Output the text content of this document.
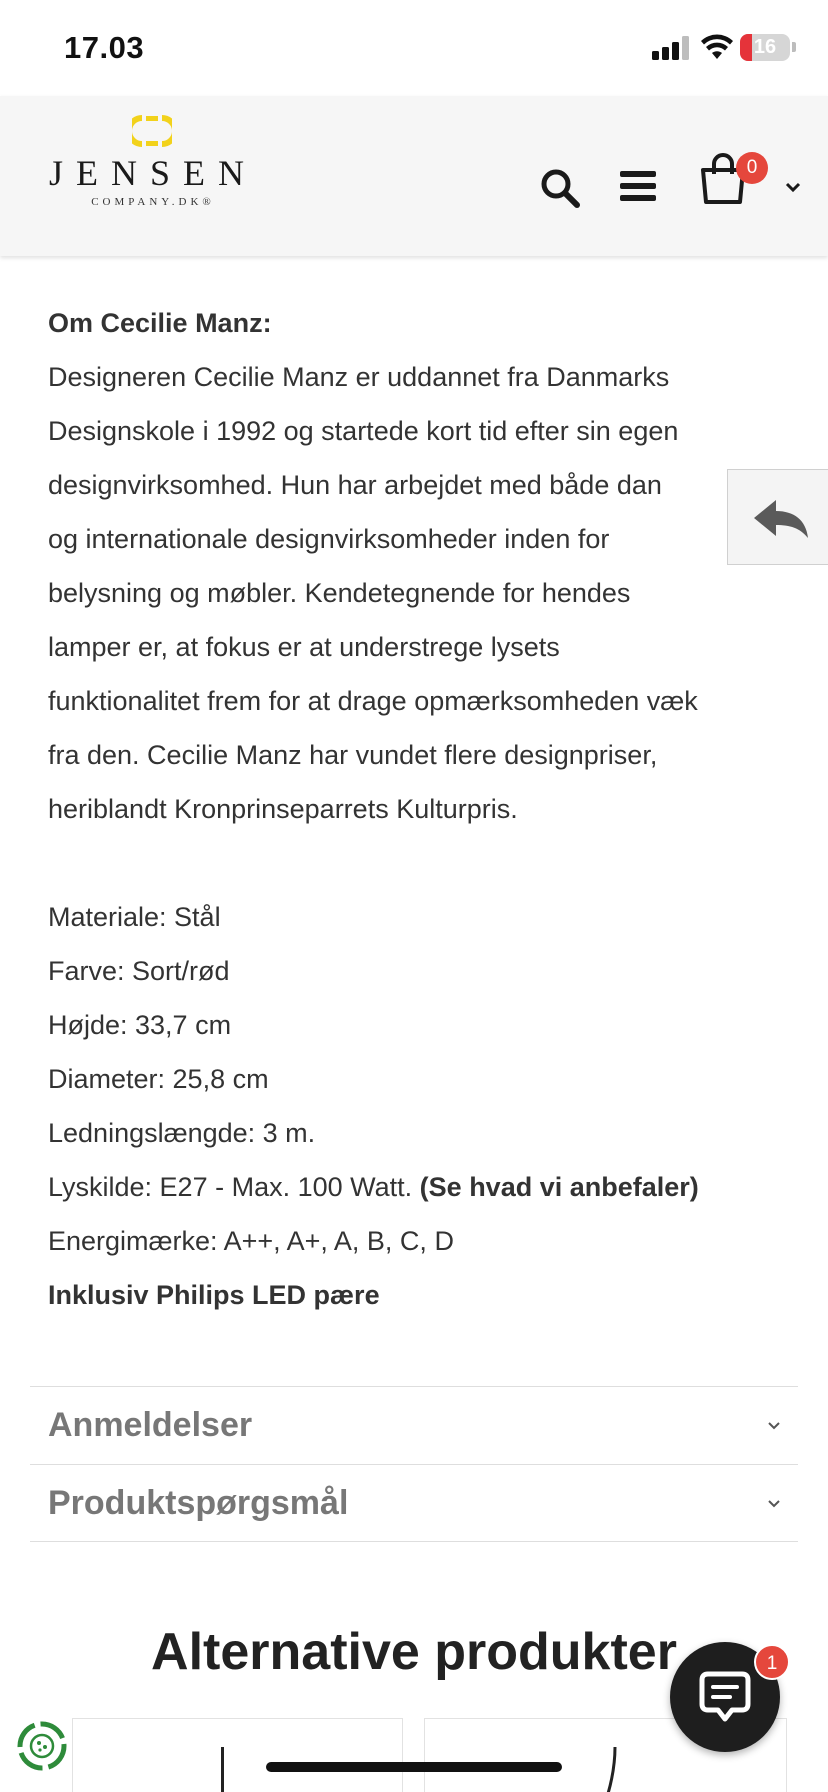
17.03	16
JENSEN
COMPANY.DK®
0

Om Cecilie Manz:

Designeren Cecilie Manz er uddannet fra Danmarks

Designskole i 1992 og startede kort tid efter sin egen

designvirksomhed. Hun har arbejdet med både dan

og internationale designvirksomheder inden for

belysning og møbler. Kendetegnende for hendes

lamper er, at fokus er at understrege lysets

funktionalitet frem for at drage opmærksomheden væk

fra den. Cecilie Manz har vundet flere designpriser,

heriblandt Kronprinseparrets Kulturpris.

Materiale: Stål

Farve: Sort/rød

Højde: 33,7 cm

Diameter: 25,8 cm

Ledningslængde: 3 m.

Lyskilde: E27 - Max. 100 Watt. (Se hvad vi anbefaler)

Energimærke: A++, A+, A, B, C, D

Inklusiv Philips LED pære

Anmeldelser
Produktspørgsmål
Alternative produkter	1
